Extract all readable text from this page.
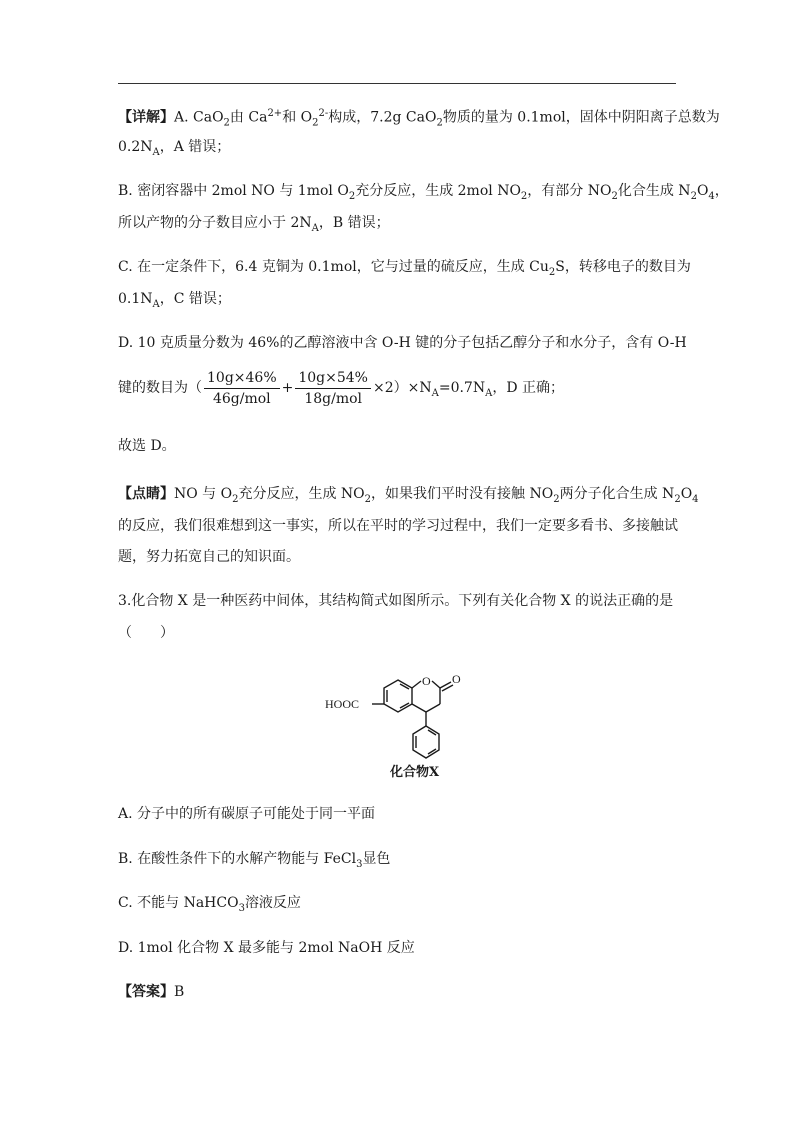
【详解】A. CaO$_2$由 $Ca^{2+}$和 $O_2^{2-}$构成，7.2g CaO$_2$物质的量为 0.1mol，固体中阴阳离子总数为
$0.2N_A$，A 错误；
B. 密闭容器中 2mol NO 与 1mol $O_2$充分反应，生成 2mol $NO_2$，有部分 $NO_2$化合生成 $N_2O_4$，
所以产物的分子数目应小于 $2N_A$，B 错误；
C. 在一定条件下，6.4 克铜为 0.1mol，它与过量的硫反应，生成 $Cu_2S$，转移电子的数目为
$0.1N_A$，C 错误；
D. 10 克质量分数为 46%的乙醇溶液中含 O-H 键的分子包括乙醇分子和水分子，含有 O-H
键的数目为（ $\frac{10g\times 46\%}{\text{46g/mol}} + \frac{10g\times 54\%}{\text{18g/mol}} \times 2)\times N_A=0.7N_A$，D 正确；
故选 D。
【点睛】NO 与 $O_2$充分反应，生成 $NO_2$，如果我们平时没有接触 $NO_2$两分子化合生成 $N_2O_4$
的反应，我们很难想到这一事实，所以在平时的学习过程中，我们一定要多看书、多接触试
题，努力拓宽自己的知识面。
3.化合物 X 是一种医药中间体，其结构简式如图所示。下列有关化合物 X 的说法正确的是
（　　）
HOOC
O O
化合物X
A. 分子中的所有碳原子可能处于同一平面
B. 在酸性条件下的水解产物能与 FeCl$_3$显色
C. 不能与 NaHCO$_3$溶液反应
D. 1mol 化合物 X 最多能与 2mol NaOH 反应
【答案】B
